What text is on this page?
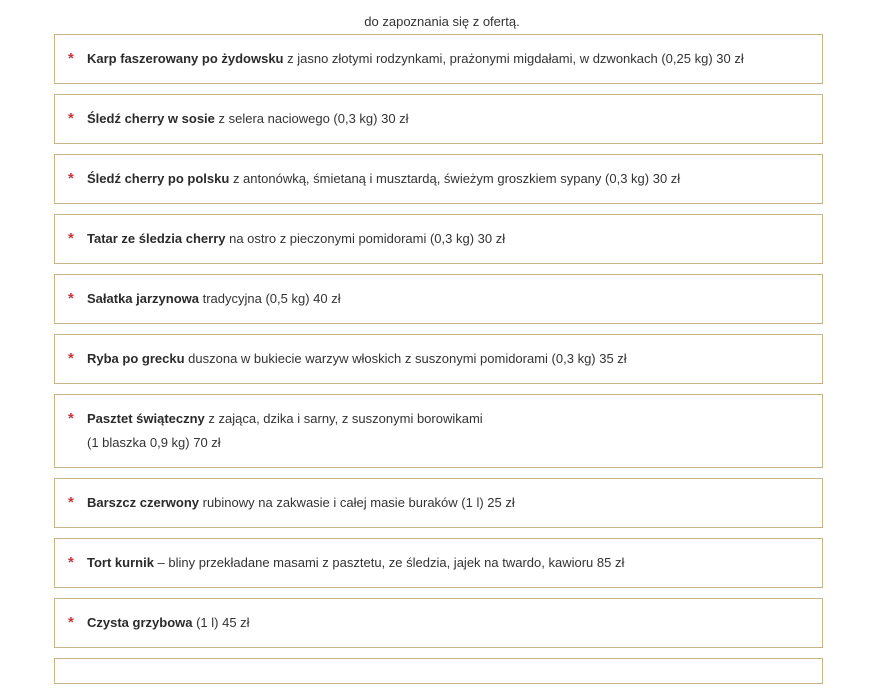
do zapoznania się z ofertą.
* Karp faszerowany po żydowsku z jasno złotymi rodzynkami, prażonymi migdałami, w dzwonkach (0,25 kg) 30 zł
* Śledź cherry w sosie z selera naciowego (0,3 kg) 30 zł
* Śledź cherry po polsku z antonówką, śmietaną i musztardą, świeżym groszkiem sypany (0,3 kg) 30 zł
* Tatar ze śledzia cherry na ostro z pieczonymi pomidorami (0,3 kg) 30 zł
* Sałatka jarzynowa tradycyjna (0,5 kg) 40 zł
* Ryba po grecku duszona w bukiecie warzyw włoskich z suszonymi pomidorami (0,3 kg) 35 zł
* Pasztet świąteczny z zająca, dzika i sarny, z suszonymi borowikami
(1 blaszka 0,9 kg) 70 zł
* Barszcz czerwony rubinowy na zakwasie i całej masie buraków (1 l) 25 zł
* Tort kurnik – bliny przekładane masami z pasztetu, ze śledzia, jajek na twardo, kawioru 85 zł
* Czysta grzybowa (1 l) 45 zł
